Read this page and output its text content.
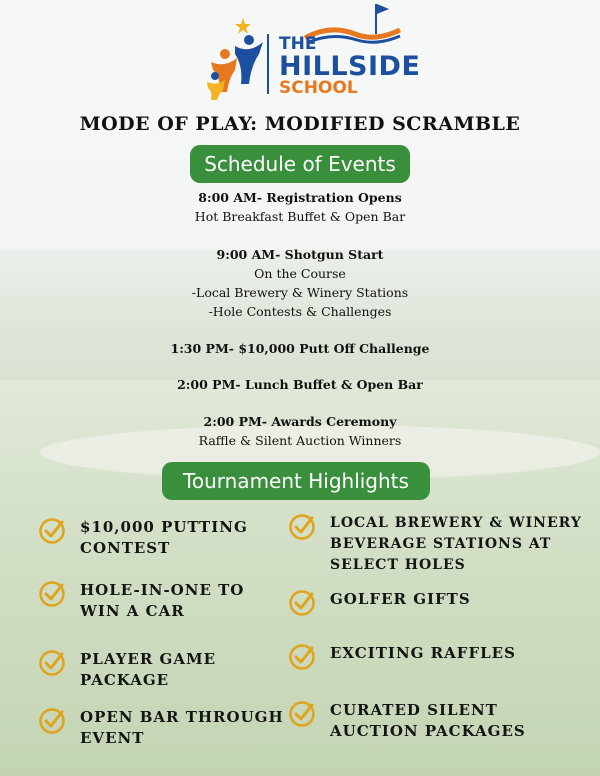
THE
HILLSIDE
SCHOOL
MODE OF PLAY: MODIFIED SCRAMBLE
Schedule of Events
8:00 AM- Registration Opens
Hot Breakfast Buffet & Open Bar
9:00 AM- Shotgun Start
On the Course
-Local Brewery & Winery Stations
-Hole Contests & Challenges
1:30 PM- $10,000 Putt Off Challenge
2:00 PM- Lunch Buffet & Open Bar
2:00 PM- Awards Ceremony
Raffle & Silent Auction Winners
Tournament Highlights
$10,000 PUTTING
CONTEST
HOLE-IN-ONE TO
WIN A CAR
PLAYER GAME
PACKAGE
OPEN BAR THROUGH
EVENT
LOCAL BREWERY & WINERY
BEVERAGE STATIONS AT
SELECT HOLES
GOLFER GIFTS
EXCITING RAFFLES
CURATED SILENT
AUCTION PACKAGES
